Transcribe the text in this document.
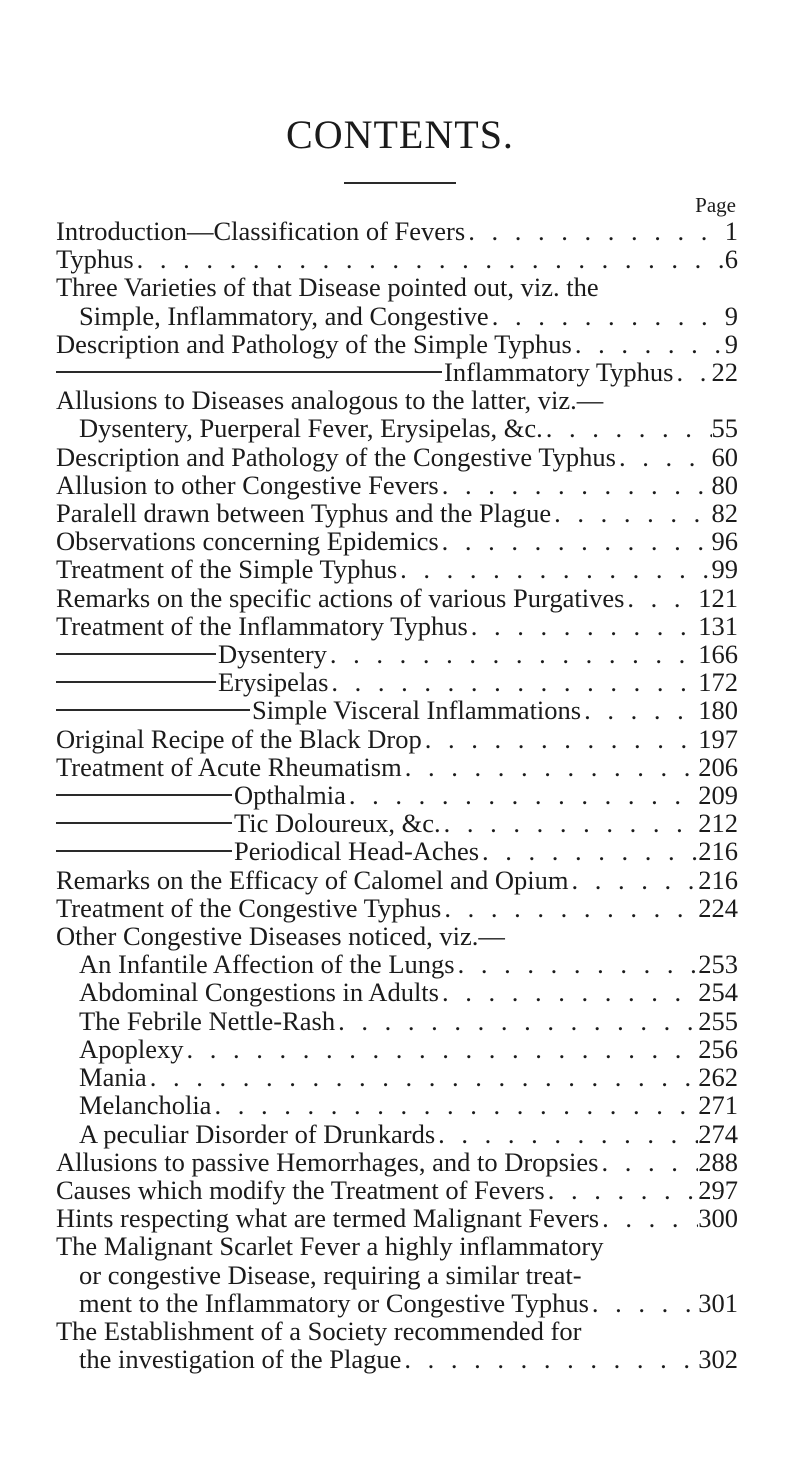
CONTENTS.
Page
Introduction—Classification of Fevers . . .	1
Typhus . . .	6
Three Varieties of that Disease pointed out, viz. the
Simple, Inflammatory, and Congestive . . .	9
Description and Pathology of the Simple Typhus . . .	9
Inflammatory Typhus . . . 22
Allusions to Diseases analogous to the latter, viz.—
Dysentery, Puerperal Fever, Erysipelas, &c. . . .	55
Description and Pathology of the Congestive Typhus . . .	60
Allusion to other Congestive Fevers . . .	80
Paralell drawn between Typhus and the Plague . . .	82
Observations concerning Epidemics . . .	96
Treatment of the Simple Typhus . . .	99
Remarks on the specific actions of various Purgatives . . .	121
Treatment of the Inflammatory Typhus . . .	131
Dysentery . . .	166
Erysipelas . . .	172
Simple Visceral Inflammations . . .	180
Original Recipe of the Black Drop . . .	197
Treatment of Acute Rheumatism . . .	206
Opthalmia . . .	209
Tic Doloureux, &c. . . .	212
Periodical Head-Aches . . .	216
Remarks on the Efficacy of Calomel and Opium . . .	216
Treatment of the Congestive Typhus . . .	224
Other Congestive Diseases noticed, viz.—
An Infantile Affection of the Lungs . . .	253
Abdominal Congestions in Adults . . .	254
The Febrile Nettle-Rash . . .	255
Apoplexy . . .	256
Mania . . .	262
Melancholia . . .	271
A peculiar Disorder of Drunkards . . .	274
Allusions to passive Hemorrhages, and to Dropsies . . .	288
Causes which modify the Treatment of Fevers . . .	297
Hints respecting what are termed Malignant Fevers . . .	300
The Malignant Scarlet Fever a highly inflammatory
or congestive Disease, requiring a similar treat-
ment to the Inflammatory or Congestive Typhus . . .	301
The Establishment of a Society recommended for
the investigation of the Plague . . .	302
